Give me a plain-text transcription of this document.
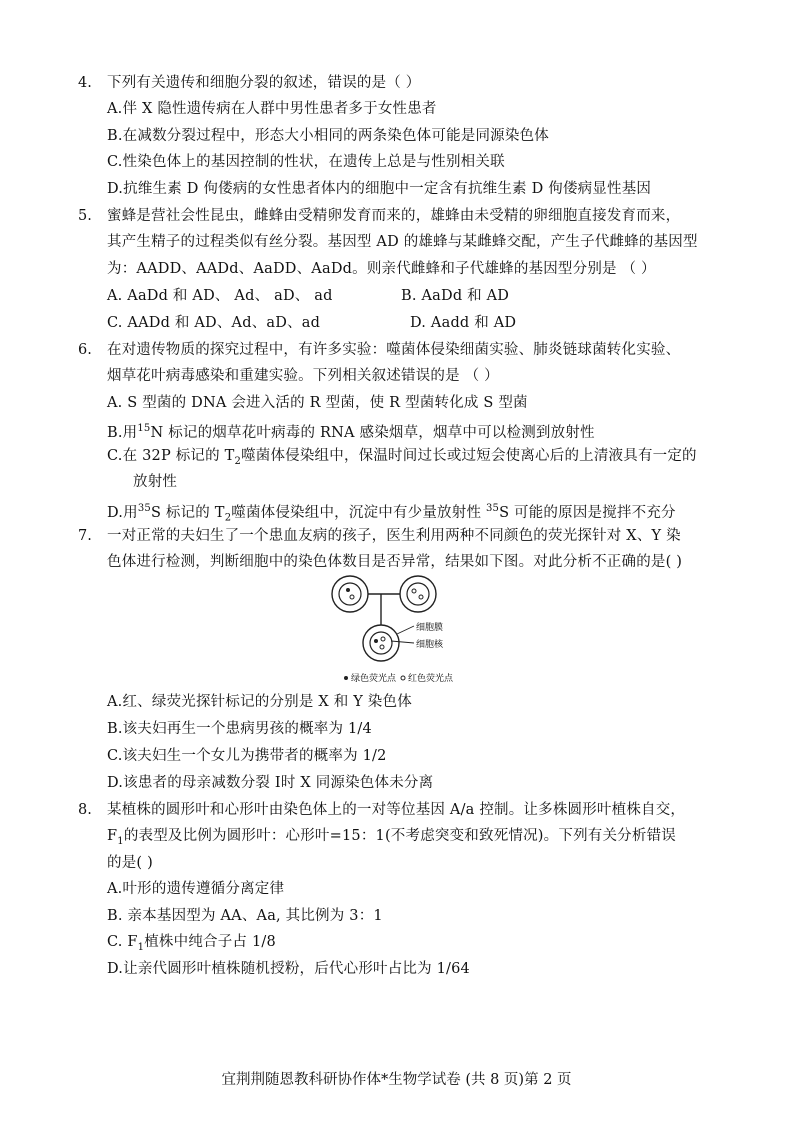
4. 下列有关遗传和细胞分裂的叙述，错误的是（ ）
A.伴 X 隐性遗传病在人群中男性患者多于女性患者
B.在减数分裂过程中，形态大小相同的两条染色体可能是同源染色体
C.性染色体上的基因控制的性状，在遗传上总是与性别相关联
D.抗维生素 D 佝偻病的女性患者体内的细胞中一定含有抗维生素 D 佝偻病显性基因
5. 蜜蜂是营社会性昆虫，雌蜂由受精卵发育而来的，雄蜂由未受精的卵细胞直接发育而来，
其产生精子的过程类似有丝分裂。基因型 AD 的雄蜂与某雌蜂交配，产生子代雌蜂的基因型
为：AADD、AADd、AaDD、AaDd。则亲代雌蜂和子代雄蜂的基因型分别是 （ ）
A. AaDd 和 AD、 Ad、 aD、 ad	B. AaDd 和 AD
C. AADd 和 AD、Ad、aD、ad	D. Aadd 和 AD
6. 在对遗传物质的探究过程中，有许多实验：噬菌体侵染细菌实验、肺炎链球菌转化实验、
烟草花叶病毒感染和重建实验。下列相关叙述错误的是 （ ）
A. S 型菌的 DNA 会进入活的 R 型菌，使 R 型菌转化成 S 型菌
B.用$^{15}$N 标记的烟草花叶病毒的 RNA 感染烟草，烟草中可以检测到放射性
C.在 32P 标记的 $T_2$噬菌体侵染组中，保温时间过长或过短会使离心后的上清液具有一定的
放射性
D.用$^{35}$S 标记的 $T_2$噬菌体侵染组中，沉淀中有少量放射性 $^{35}$S 可能的原因是搅拌不充分
7. 一对正常的夫妇生了一个患血友病的孩子，医生利用两种不同颜色的荧光探针对 X、Y 染
色体进行检测，判断细胞中的染色体数目是否异常，结果如下图。对此分析不正确的是( )
细胞膜
细胞核
绿色荧光点 红色荧光点
A.红、绿荧光探针标记的分别是 X 和 Y 染色体
B.该夫妇再生一个患病男孩的概率为 1/4
C.该夫妇生一个女儿为携带者的概率为 1/2
D.该患者的母亲减数分裂 Ⅰ时 X 同源染色体未分离
8. 某植株的圆形叶和心形叶由染色体上的一对等位基因 A/a 控制。让多株圆形叶植株自交，
$F_1$的表型及比例为圆形叶：心形叶=15：1(不考虑突变和致死情况)。下列有关分析错误
的是( )
A.叶形的遗传遵循分离定律
B. 亲本基因型为 AA、Aa, 其比例为 3：1
C. $F_1$植株中纯合子占 1/8
D.让亲代圆形叶植株随机授粉，后代心形叶占比为 1/64
宜荆荆随恩教科研协作体*生物学试卷 (共 8 页)第 2 页
